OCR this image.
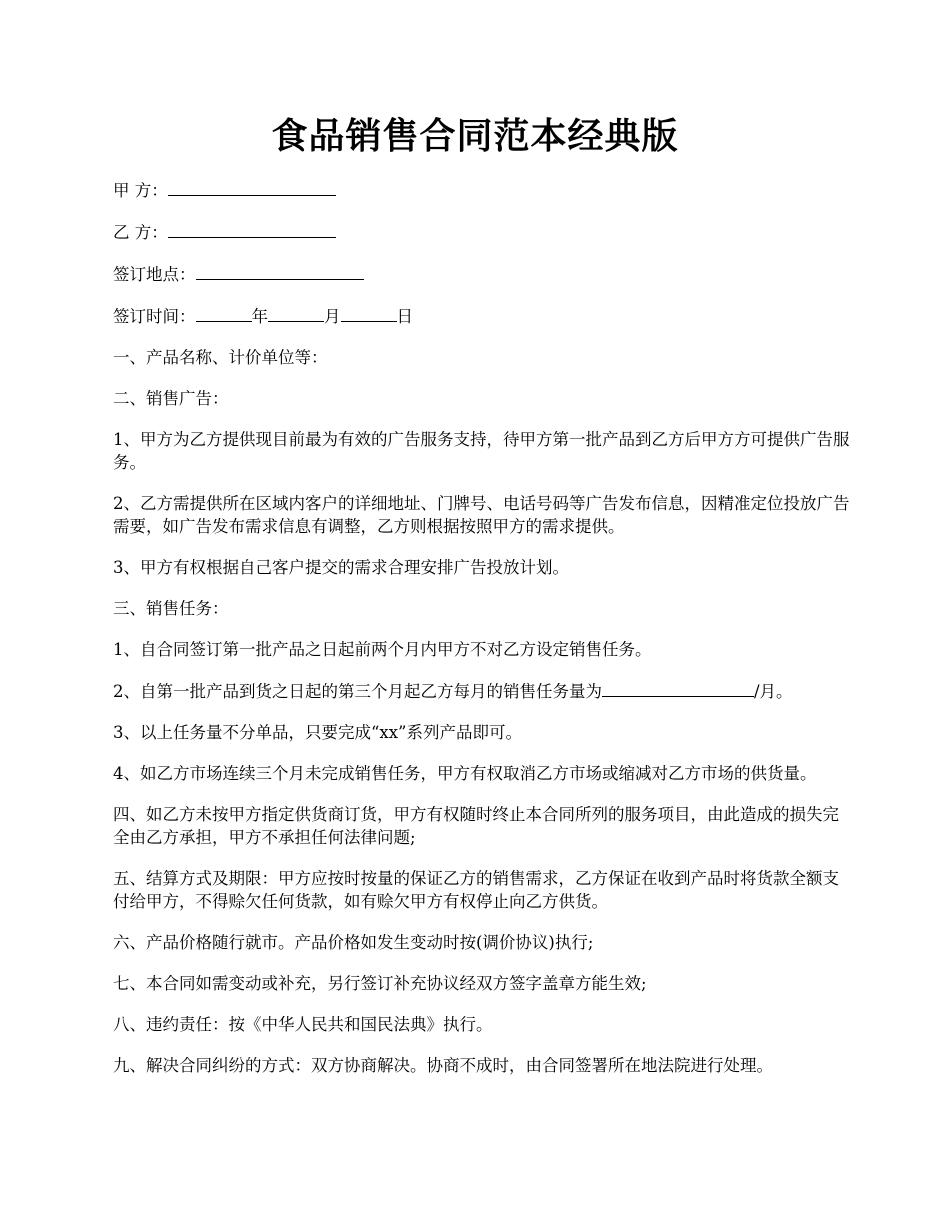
食品销售合同范本经典版
甲 方：
乙 方：
签订地点：
签订时间：	年	月	日
一、产品名称、计价单位等：
二、销售广告：
1、甲方为乙方提供现目前最为有效的广告服务支持，待甲方第一批产品到乙方后甲方方可提供广告服务。
2、乙方需提供所在区域内客户的详细地址、门牌号、电话号码等广告发布信息，因精准定位投放广告需要，如广告发布需求信息有调整，乙方则根据按照甲方的需求提供。
3、甲方有权根据自己客户提交的需求合理安排广告投放计划。
三、销售任务：
1、自合同签订第一批产品之日起前两个月内甲方不对乙方设定销售任务。
2、自第一批产品到货之日起的第三个月起乙方每月的销售任务量为	/月。
3、以上任务量不分单品，只要完成“xx”系列产品即可。
4、如乙方市场连续三个月未完成销售任务，甲方有权取消乙方市场或缩减对乙方市场的供货量。
四、如乙方未按甲方指定供货商订货，甲方有权随时终止本合同所列的服务项目，由此造成的损失完全由乙方承担，甲方不承担任何法律问题;
五、结算方式及期限：甲方应按时按量的保证乙方的销售需求，乙方保证在收到产品时将货款全额支付给甲方，不得赊欠任何货款，如有赊欠甲方有权停止向乙方供货。
六、产品价格随行就市。产品价格如发生变动时按(调价协议)执行;
七、本合同如需变动或补充，另行签订补充协议经双方签字盖章方能生效;
八、违约责任：按《中华人民共和国民法典》执行。
九、解决合同纠纷的方式：双方协商解决。协商不成时，由合同签署所在地法院进行处理。
